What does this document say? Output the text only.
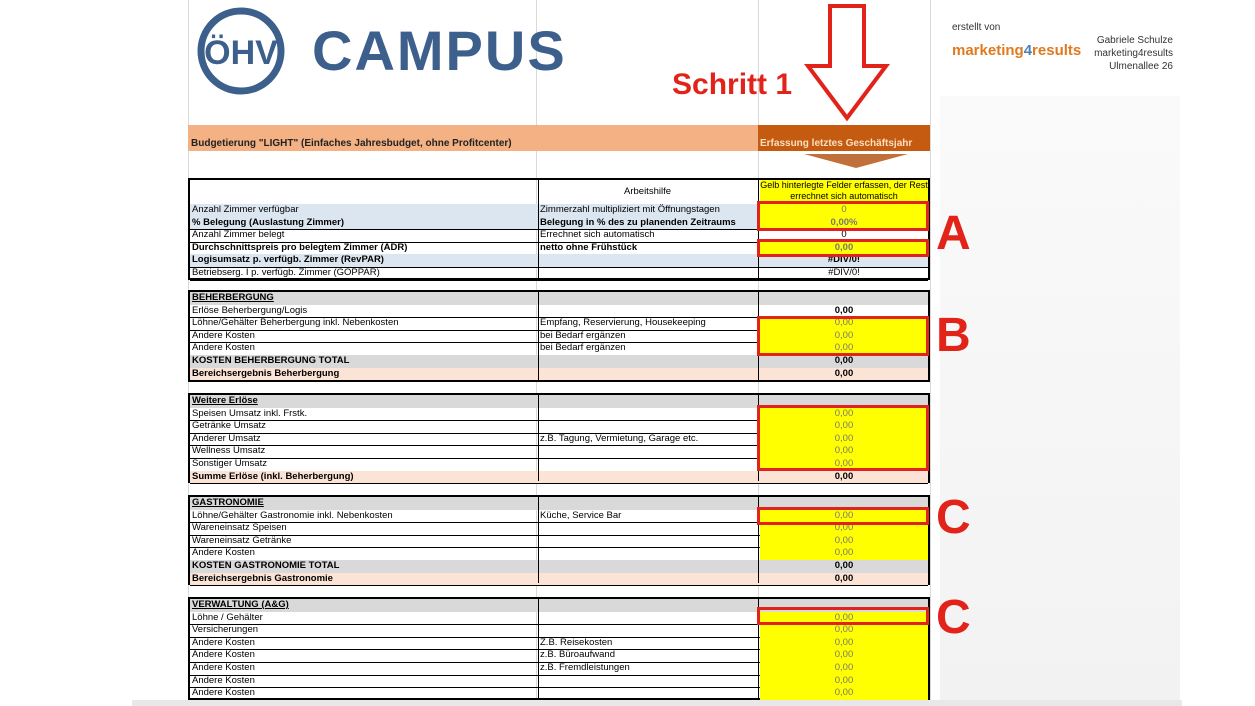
ÖHV CAMPUS
Schritt 1
erstellt von
marketing4results
Gabriele Schulze
marketing4results
Ulmenallee 26
Budgetierung "LIGHT" (Einfaches Jahresbudget, ohne Profitcenter)	Erfassung letztes Geschäftsjahr
Arbeitshilfe
Gelb hinterlegte Felder erfassen, der Rest errechnet sich automatisch
Anzahl Zimmer verfügbar	Zimmerzahl multipliziert mit Öffnungstagen	0
% Belegung (Auslastung Zimmer)	Belegung in % des zu planenden Zeitraums	0,00%
Anzahl Zimmer belegt	Errechnet sich automatisch	0
Durchschnittspreis pro belegtem Zimmer (ADR)	netto ohne Frühstück	0,00
Logisumsatz p. verfügb. Zimmer (RevPAR)	#DIV/0!
Betriebserg. I p. verfügb. Zimmer (GOPPAR)	#DIV/0!
BEHERBERGUNG
Erlöse Beherbergung/Logis	0,00
Löhne/Gehälter Beherbergung inkl. Nebenkosten	Empfang, Reservierung, Housekeeping	0,00
Andere Kosten	bei Bedarf ergänzen	0,00
Andere Kosten	bei Bedarf ergänzen	0,00
KOSTEN BEHERBERGUNG TOTAL	0,00
Bereichsergebnis Beherbergung	0,00
Weitere Erlöse
Speisen Umsatz inkl. Frstk.	0,00
Getränke Umsatz	0,00
Anderer Umsatz	z.B. Tagung, Vermietung, Garage etc.	0,00
Wellness Umsatz	0,00
Sonstiger Umsatz	0,00
Summe Erlöse (inkl. Beherbergung)	0,00
GASTRONOMIE
Löhne/Gehälter Gastronomie inkl. Nebenkosten	Küche, Service Bar	0,00
Wareneinsatz Speisen	0,00
Wareneinsatz Getränke	0,00
Andere Kosten	0,00
KOSTEN GASTRONOMIE TOTAL	0,00
Bereichsergebnis Gastronomie	0,00
VERWALTUNG (A&G)
Löhne / Gehälter	0,00
Versicherungen	0,00
Andere Kosten	Z.B. Reisekosten	0,00
Andere Kosten	z.B. Büroaufwand	0,00
Andere Kosten	z.B. Fremdleistungen	0,00
Andere Kosten	0,00
Andere Kosten	0,00
A
B
C
C
